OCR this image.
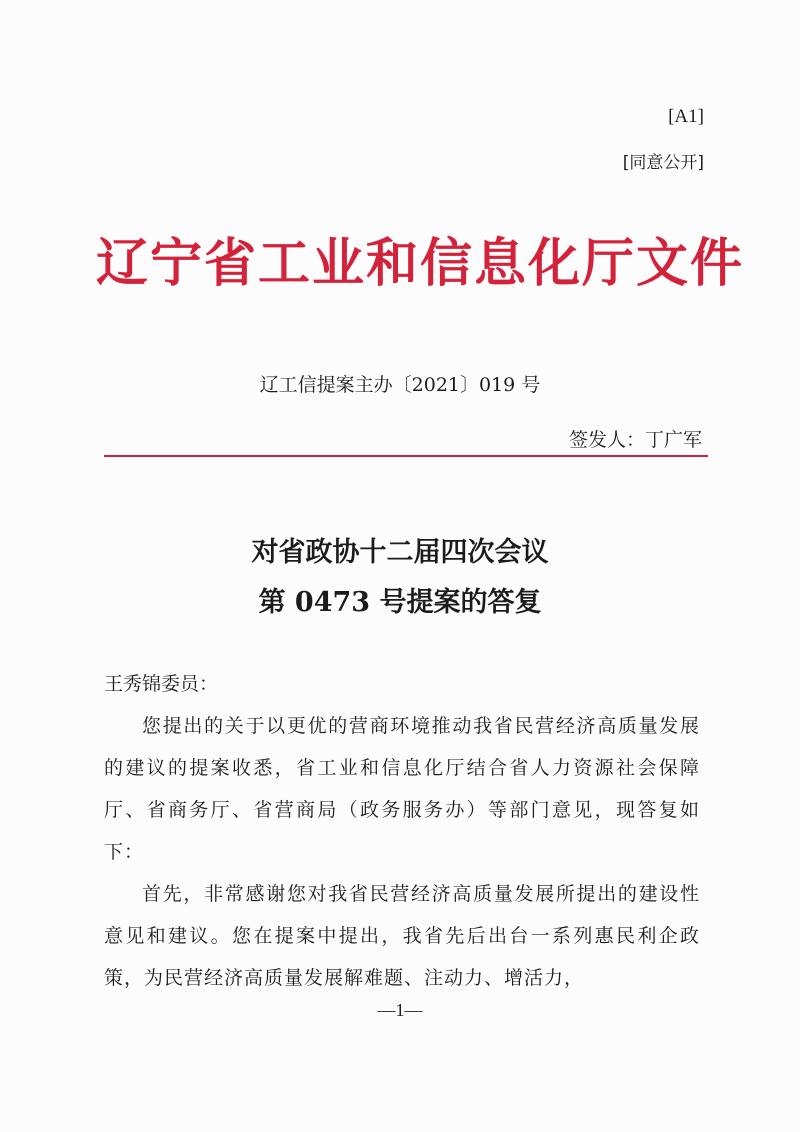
[A1]
[同意公开]
辽宁省工业和信息化厅文件
辽工信提案主办〔2021〕019 号
签发人：丁广军
对省政协十二届四次会议
第 0473 号提案的答复

王秀锦委员：

您提出的关于以更优的营商环境推动我省民营经济高质量发展的建议的提案收悉，省工业和信息化厅结合省人力资源社会保障厅、省商务厅、省营商局（政务服务办）等部门意见，现答复如下：

首先，非常感谢您对我省民营经济高质量发展所提出的建设性意见和建议。您在提案中提出，我省先后出台一系列惠民利企政策，为民营经济高质量发展解难题、注动力、增活力，

—1—
